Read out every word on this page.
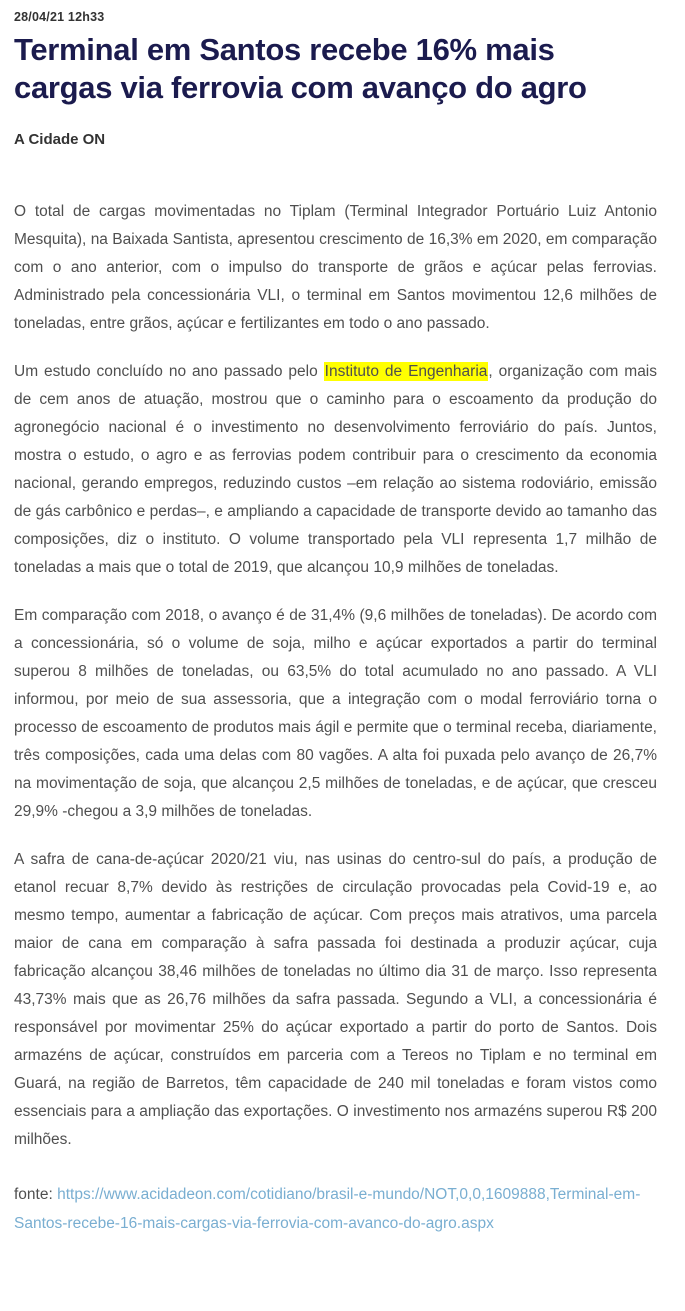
28/04/21 12h33
Terminal em Santos recebe 16% mais cargas via ferrovia com avanço do agro
A Cidade ON

O total de cargas movimentadas no Tiplam (Terminal Integrador Portuário Luiz Antonio Mesquita), na Baixada Santista, apresentou crescimento de 16,3% em 2020, em comparação com o ano anterior, com o impulso do transporte de grãos e açúcar pelas ferrovias. Administrado pela concessionária VLI, o terminal em Santos movimentou 12,6 milhões de toneladas, entre grãos, açúcar e fertilizantes em todo o ano passado.

Um estudo concluído no ano passado pelo Instituto de Engenharia, organização com mais de cem anos de atuação, mostrou que o caminho para o escoamento da produção do agronegócio nacional é o investimento no desenvolvimento ferroviário do país. Juntos, mostra o estudo, o agro e as ferrovias podem contribuir para o crescimento da economia nacional, gerando empregos, reduzindo custos –em relação ao sistema rodoviário, emissão de gás carbônico e perdas–, e ampliando a capacidade de transporte devido ao tamanho das composições, diz o instituto. O volume transportado pela VLI representa 1,7 milhão de toneladas a mais que o total de 2019, que alcançou 10,9 milhões de toneladas.

Em comparação com 2018, o avanço é de 31,4% (9,6 milhões de toneladas). De acordo com a concessionária, só o volume de soja, milho e açúcar exportados a partir do terminal superou 8 milhões de toneladas, ou 63,5% do total acumulado no ano passado. A VLI informou, por meio de sua assessoria, que a integração com o modal ferroviário torna o processo de escoamento de produtos mais ágil e permite que o terminal receba, diariamente, três composições, cada uma delas com 80 vagões. A alta foi puxada pelo avanço de 26,7% na movimentação de soja, que alcançou 2,5 milhões de toneladas, e de açúcar, que cresceu 29,9% -chegou a 3,9 milhões de toneladas.

A safra de cana-de-açúcar 2020/21 viu, nas usinas do centro-sul do país, a produção de etanol recuar 8,7% devido às restrições de circulação provocadas pela Covid-19 e, ao mesmo tempo, aumentar a fabricação de açúcar. Com preços mais atrativos, uma parcela maior de cana em comparação à safra passada foi destinada a produzir açúcar, cuja fabricação alcançou 38,46 milhões de toneladas no último dia 31 de março. Isso representa 43,73% mais que as 26,76 milhões da safra passada. Segundo a VLI, a concessionária é responsável por movimentar 25% do açúcar exportado a partir do porto de Santos. Dois armazéns de açúcar, construídos em parceria com a Tereos no Tiplam e no terminal em Guará, na região de Barretos, têm capacidade de 240 mil toneladas e foram vistos como essenciais para a ampliação das exportações. O investimento nos armazéns superou R$ 200 milhões.

fonte: https://www.acidadeon.com/cotidiano/brasil-e-mundo/NOT,0,0,1609888,Terminal-em-Santos-recebe-16-mais-cargas-via-ferrovia-com-avanco-do-agro.aspx
